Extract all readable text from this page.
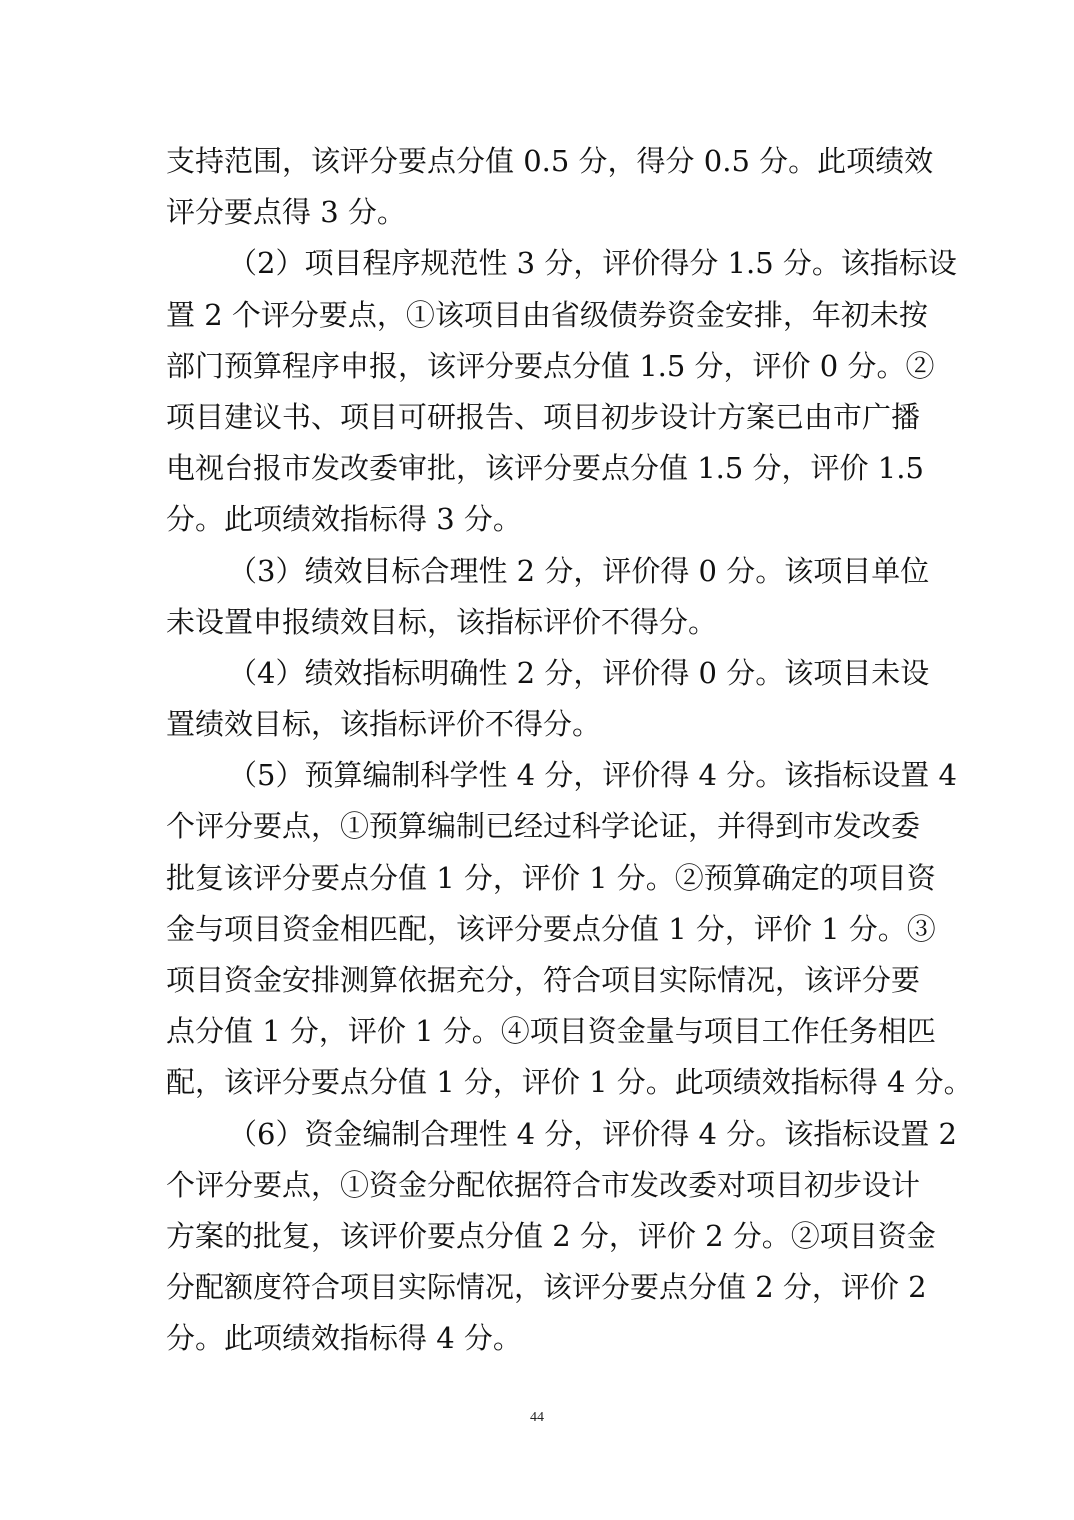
支持范围，该评分要点分值 0.5 分，得分 0.5 分。此项绩效
评分要点得 3 分。
（2）项目程序规范性 3 分，评价得分 1.5 分。该指标设
置 2 个评分要点，①该项目由省级债券资金安排，年初未按
部门预算程序申报，该评分要点分值 1.5 分，评价 0 分。②
项目建议书、项目可研报告、项目初步设计方案已由市广播
电视台报市发改委审批，该评分要点分值 1.5 分，评价 1.5
分。此项绩效指标得 3 分。
（3）绩效目标合理性 2 分，评价得 0 分。该项目单位
未设置申报绩效目标，该指标评价不得分。
（4）绩效指标明确性 2 分，评价得 0 分。该项目未设
置绩效目标，该指标评价不得分。
（5）预算编制科学性 4 分，评价得 4 分。该指标设置 4
个评分要点，①预算编制已经过科学论证，并得到市发改委
批复该评分要点分值 1 分，评价 1 分。②预算确定的项目资
金与项目资金相匹配，该评分要点分值 1 分，评价 1 分。③
项目资金安排测算依据充分，符合项目实际情况，该评分要
点分值 1 分，评价 1 分。④项目资金量与项目工作任务相匹
配，该评分要点分值 1 分，评价 1 分。此项绩效指标得 4 分。
（6）资金编制合理性 4 分，评价得 4 分。该指标设置 2
个评分要点，①资金分配依据符合市发改委对项目初步设计
方案的批复，该评价要点分值 2 分，评价 2 分。②项目资金
分配额度符合项目实际情况，该评分要点分值 2 分，评价 2
分。此项绩效指标得 4 分。
44
